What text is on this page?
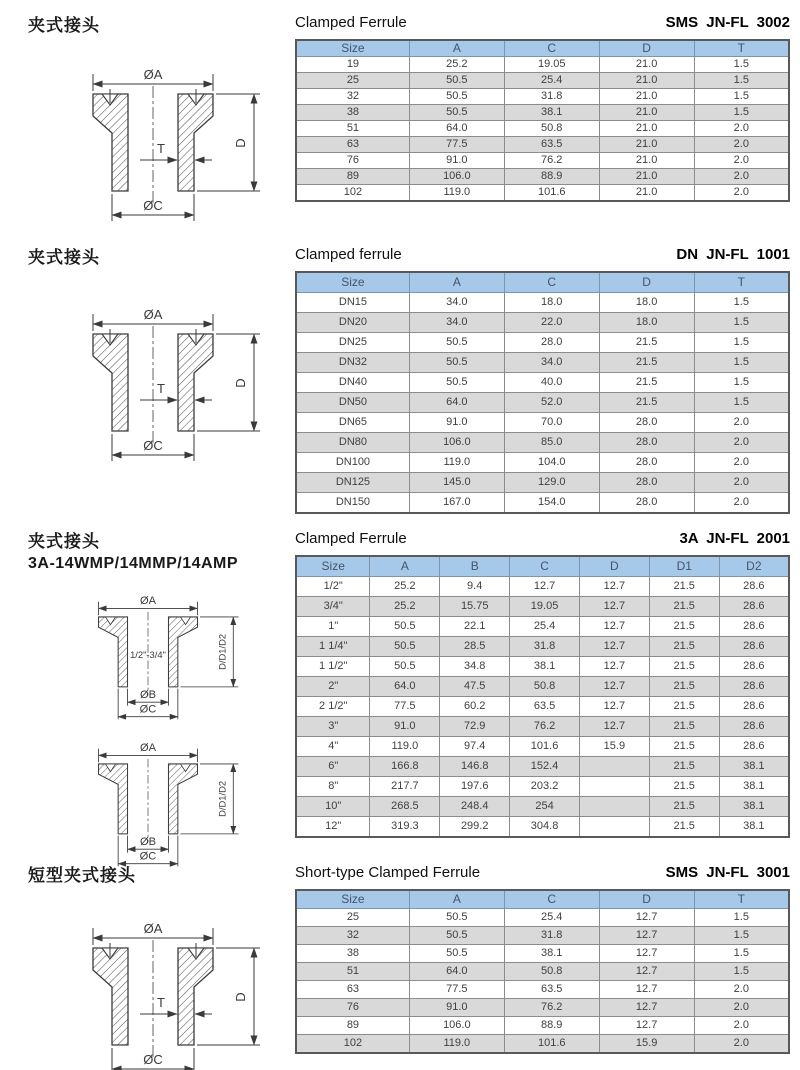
夹式接头
ØA
D
T
ØC
Clamped Ferrule	SMS JN-FL 3002
Size	A	C	D	T
19	25.2	19.05	21.0	1.5
25	50.5	25.4	21.0	1.5
32	50.5	31.8	21.0	1.5
38	50.5	38.1	21.0	1.5
51	64.0	50.8	21.0	2.0
63	77.5	63.5	21.0	2.0
76	91.0	76.2	21.0	2.0
89	106.0	88.9	21.0	2.0
102	119.0	101.6	21.0	2.0
夹式接头
ØA
D
T
ØC
Clamped ferrule	DN JN-FL 1001
Size	A	C	D	T
DN15	34.0	18.0	18.0	1.5
DN20	34.0	22.0	18.0	1.5
DN25	50.5	28.0	21.5	1.5
DN32	50.5	34.0	21.5	1.5
DN40	50.5	40.0	21.5	1.5
DN50	64.0	52.0	21.5	1.5
DN65	91.0	70.0	28.0	2.0
DN80	106.0	85.0	28.0	2.0
DN100	119.0	104.0	28.0	2.0
DN125	145.0	129.0	28.0	2.0
DN150	167.0	154.0	28.0	2.0
夹式接头
3A-14WMP/14MMP/14AMP
ØA
1/2"-3/4"	D/D1/D2
ØB
ØC
ØA
D/D1/D2
ØB
ØC
Clamped Ferrule	3A JN-FL 2001
Size	A	B	C	D	D1	D2
1/2"	25.2	9.4	12.7	12.7	21.5	28.6
3/4"	25.2	15.75	19.05	12.7	21.5	28.6
1"	50.5	22.1	25.4	12.7	21.5	28.6
1 1/4"	50.5	28.5	31.8	12.7	21.5	28.6
1 1/2"	50.5	34.8	38.1	12.7	21.5	28.6
2"	64.0	47.5	50.8	12.7	21.5	28.6
2 1/2"	77.5	60.2	63.5	12.7	21.5	28.6
3"	91.0	72.9	76.2	12.7	21.5	28.6
4"	119.0	97.4	101.6	15.9	21.5	28.6
6"	166.8	146.8	152.4		21.5	38.1
8"	217.7	197.6	203.2		21.5	38.1
10"	268.5	248.4	254		21.5	38.1
12"	319.3	299.2	304.8		21.5	38.1
短型夹式接头
ØA
D
T
ØC
Short-type Clamped Ferrule	SMS JN-FL 3001
Size	A	C	D	T
25	50.5	25.4	12.7	1.5
32	50.5	31.8	12.7	1.5
38	50.5	38.1	12.7	1.5
51	64.0	50.8	12.7	1.5
63	77.5	63.5	12.7	2.0
76	91.0	76.2	12.7	2.0
89	106.0	88.9	12.7	2.0
102	119.0	101.6	15.9	2.0
